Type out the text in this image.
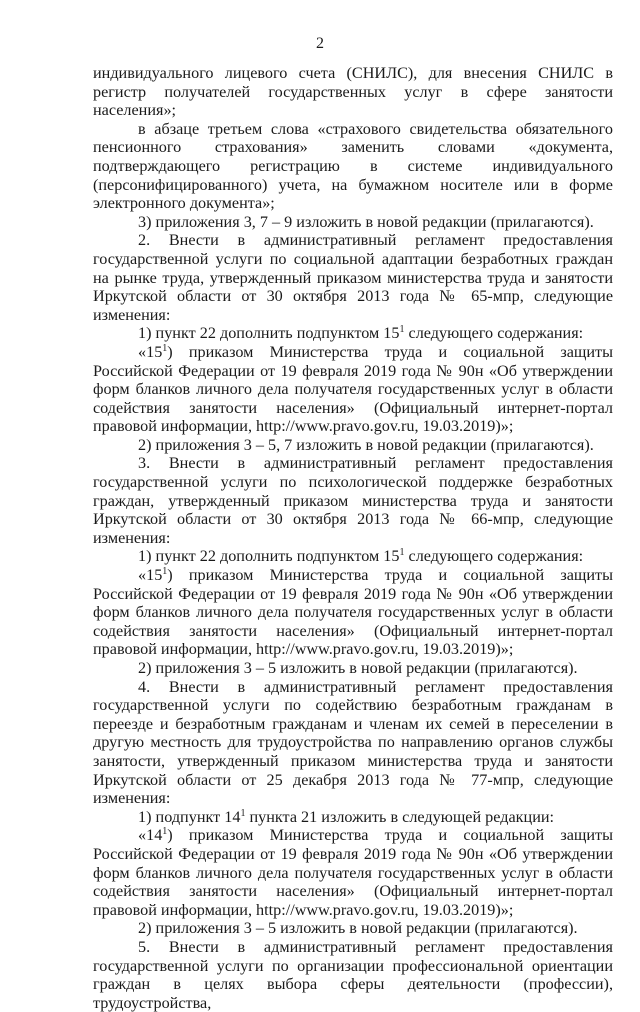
2

индивидуального лицевого счета (СНИЛС), для внесения СНИЛС в регистр получателей государственных услуг в сфере занятости населения»;

в абзаце третьем слова «страхового свидетельства обязательного пенсионного страхования» заменить словами «документа, подтверждающего регистрацию в системе индивидуального (персонифицированного) учета, на бумажном носителе или в форме электронного документа»;

3) приложения 3, 7 – 9 изложить в новой редакции (прилагаются).

2. Внести в административный регламент предоставления государственной услуги по социальной адаптации безработных граждан на рынке труда, утвержденный приказом министерства труда и занятости Иркутской области от 30 октября 2013 года № 65-мпр, следующие изменения:

1) пункт 22 дополнить подпунктом $15^1$ следующего содержания:

«$15^1$) приказом Министерства труда и социальной защиты Российской Федерации от 19 февраля 2019 года № 90н «Об утверждении форм бланков личного дела получателя государственных услуг в области содействия занятости населения» (Официальный интернет-портал правовой информации, http://www.pravo.gov.ru, 19.03.2019)»;

2) приложения 3 – 5, 7 изложить в новой редакции (прилагаются).

3. Внести в административный регламент предоставления государственной услуги по психологической поддержке безработных граждан, утвержденный приказом министерства труда и занятости Иркутской области от 30 октября 2013 года № 66-мпр, следующие изменения:

1) пункт 22 дополнить подпунктом $15^1$ следующего содержания:

«$15^1$) приказом Министерства труда и социальной защиты Российской Федерации от 19 февраля 2019 года № 90н «Об утверждении форм бланков личного дела получателя государственных услуг в области содействия занятости населения» (Официальный интернет-портал правовой информации, http://www.pravo.gov.ru, 19.03.2019)»;

2) приложения 3 – 5 изложить в новой редакции (прилагаются).

4. Внести в административный регламент предоставления государственной услуги по содействию безработным гражданам в переезде и безработным гражданам и членам их семей в переселении в другую местность для трудоустройства по направлению органов службы занятости, утвержденный приказом министерства труда и занятости Иркутской области от 25 декабря 2013 года № 77-мпр, следующие изменения:

1) подпункт $14^1$ пункта 21 изложить в следующей редакции:

«$14^1$) приказом Министерства труда и социальной защиты Российской Федерации от 19 февраля 2019 года № 90н «Об утверждении форм бланков личного дела получателя государственных услуг в области содействия занятости населения» (Официальный интернет-портал правовой информации, http://www.pravo.gov.ru, 19.03.2019)»;

2) приложения 3 – 5 изложить в новой редакции (прилагаются).

5. Внести в административный регламент предоставления государственной услуги по организации профессиональной ориентации граждан в целях выбора сферы деятельности (профессии), трудоустройства,
